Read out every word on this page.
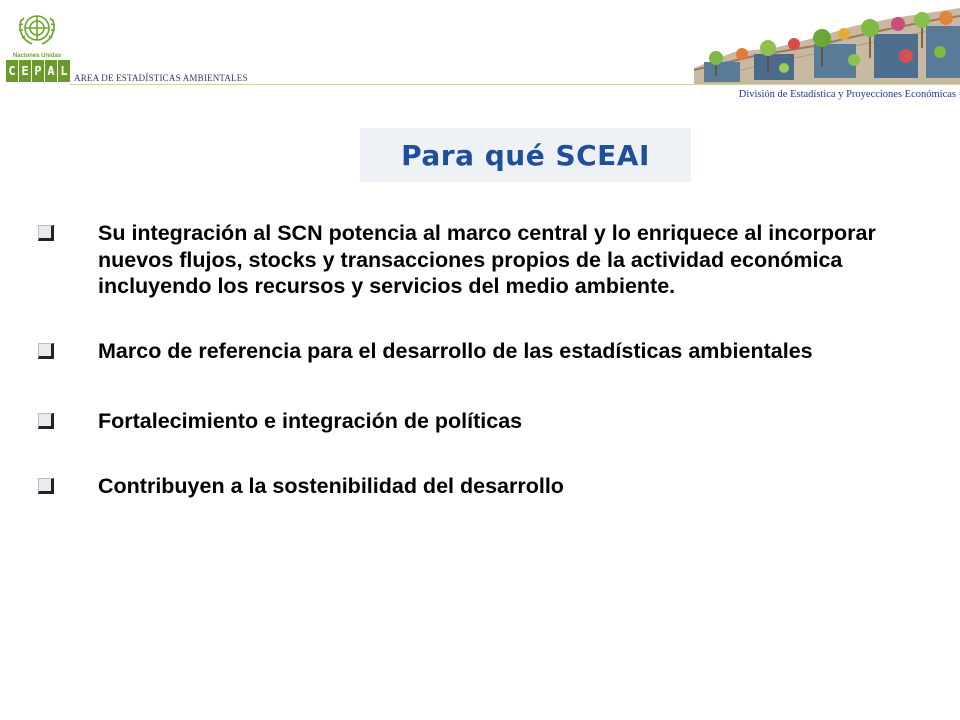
Naciones Unidas
C E P A L AREA DE ESTADÍSTICAS AMBIENTALES
División de Estadística y Proyecciones Económicas
Para qué SCEAI
Su integración al SCN potencia al marco central y lo enriquece al incorporar nuevos flujos, stocks y transacciones propios de la actividad económica incluyendo los recursos y servicios del medio ambiente.
Marco de referencia para el desarrollo de las estadísticas ambientales
Fortalecimiento e integración de políticas
Contribuyen a la sostenibilidad del desarrollo
